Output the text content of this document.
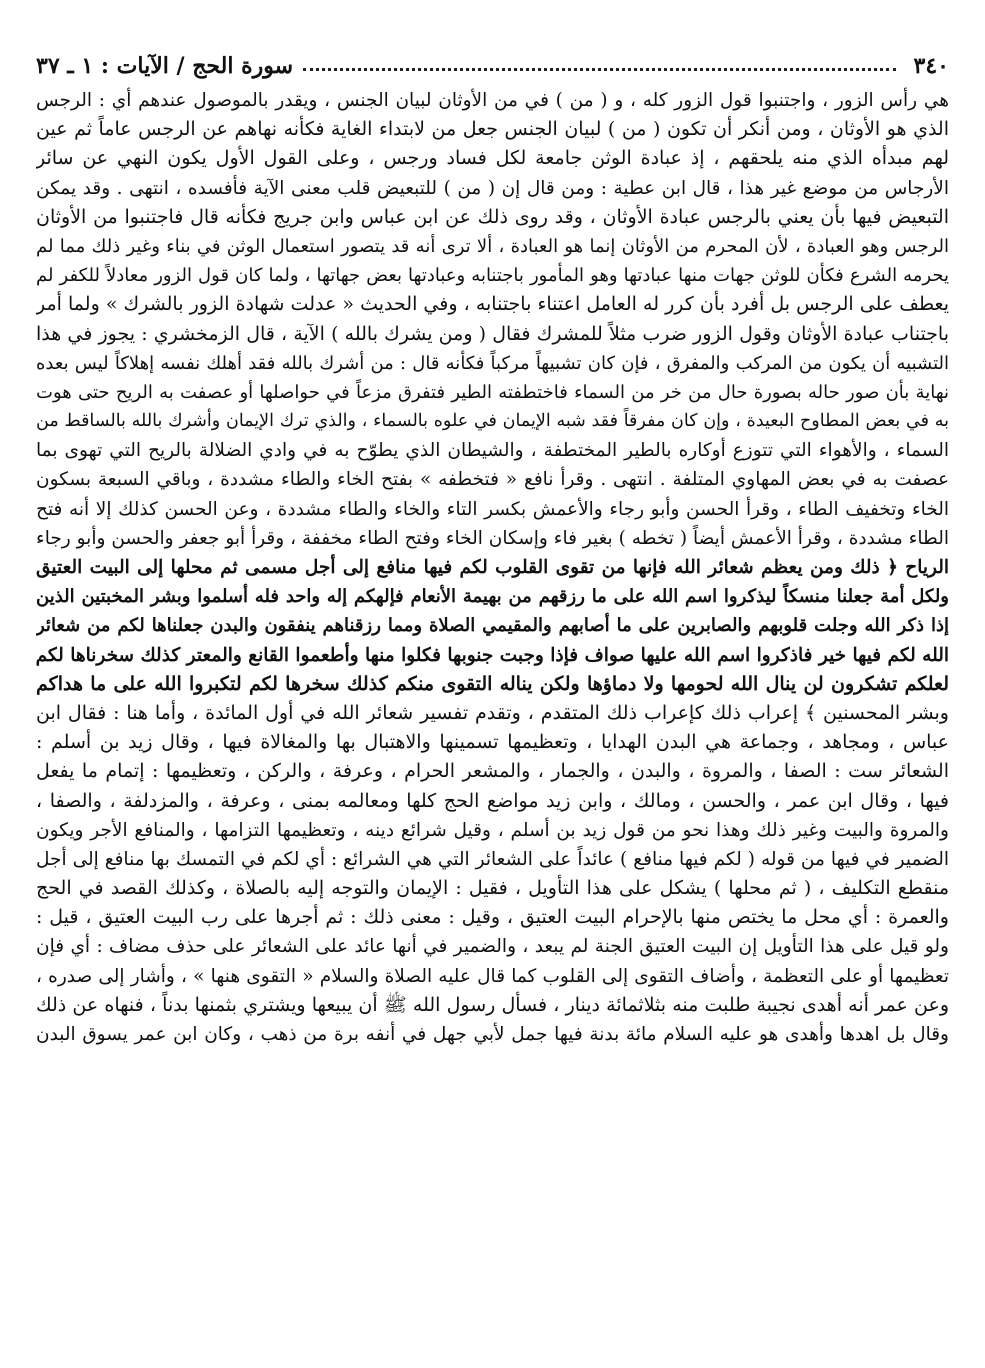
٣٤٠
سورة الحج / الآيات : ١ ـ ٣٧
هي رأس الزور ، واجتنبوا قول الزور كله ، و ( من ) في من الأوثان لبيان الجنس ، ويقدر بالموصول عندهم أي : الرجس
الذي هو الأوثان ، ومن أنكر أن تكون ( من ) لبيان الجنس جعل من لابتداء الغاية فكأنه نهاهم عن الرجس عاماً ثم عين
لهم مبدأه الذي منه يلحقهم ، إذ عبادة الوثن جامعة لكل فساد ورجس ، وعلى القول الأول يكون النهي عن سائر
الأرجاس من موضع غير هذا ، قال ابن عطية : ومن قال إن ( من ) للتبعيض قلب معنى الآية فأفسده ، انتهى . وقد يمكن
التبعيض فيها بأن يعني بالرجس عبادة الأوثان ، وقد روى ذلك عن ابن عباس وابن جريج فكأنه قال فاجتنبوا من الأوثان
الرجس وهو العبادة ، لأن المحرم من الأوثان إنما هو العبادة ، ألا ترى أنه قد يتصور استعمال الوثن في بناء وغير ذلك مما لم
يحرمه الشرع فكأن للوثن جهات منها عبادتها وهو المأمور باجتنابه وعبادتها بعض جهاتها ، ولما كان قول الزور معادلاً للكفر لم
يعطف على الرجس بل أفرد بأن كرر له العامل اعتناء باجتنابه ، وفي الحديث « عدلت شهادة الزور بالشرك » ولما أمر
باجتناب عبادة الأوثان وقول الزور ضرب مثلاً للمشرك فقال ( ومن يشرك بالله ) الآية ، قال الزمخشري : يجوز في هذا
التشبيه أن يكون من المركب والمفرق ، فإن كان تشبيهاً مركباً فكأنه قال : من أشرك بالله فقد أهلك نفسه إهلاكاً ليس بعده
نهاية بأن صور حاله بصورة حال من خر من السماء فاختطفته الطير فتفرق مزعاً في حواصلها أو عصفت به الريح حتى هوت
به في بعض المطاوح البعيدة ، وإن كان مفرقاً فقد شبه الإيمان في علوه بالسماء ، والذي ترك الإيمان وأشرك بالله بالساقط من
السماء ، والأهواء التي تتوزع أوكاره بالطير المختطفة ، والشيطان الذي يطوّح به في وادي الضلالة بالريح التي تهوى بما
عصفت به في بعض المهاوي المتلفة . انتهى . وقرأ نافع « فتخطفه » بفتح الخاء والطاء مشددة ، وباقي السبعة بسكون
الخاء وتخفيف الطاء ، وقرأ الحسن وأبو رجاء والأعمش بكسر التاء والخاء والطاء مشددة ، وعن الحسن كذلك إلا أنه فتح
الطاء مشددة ، وقرأ الأعمش أيضاً ( تخطه ) بغير فاء وإسكان الخاء وفتح الطاء مخففة ، وقرأ أبو جعفر والحسن وأبو رجاء
الرياح ﴿ ذلك ومن يعظم شعائر الله فإنها من تقوى القلوب لكم فيها منافع إلى أجل مسمى ثم محلها إلى البيت العتيق
ولكل أمة جعلنا منسكاً ليذكروا اسم الله على ما رزقهم من بهيمة الأنعام فإلهكم إله واحد فله أسلموا وبشر المخبتين الذين
إذا ذكر الله وجلت قلوبهم والصابرين على ما أصابهم والمقيمي الصلاة ومما رزقناهم ينفقون والبدن جعلناها لكم من شعائر
الله لكم فيها خير فاذكروا اسم الله عليها صواف فإذا وجبت جنوبها فكلوا منها وأطعموا القانع والمعتر كذلك سخرناها لكم
لعلكم تشكرون لن ينال الله لحومها ولا دماؤها ولكن يناله التقوى منكم كذلك سخرها لكم لتكبروا الله على ما هداكم
وبشر المحسنين ﴾ إعراب ذلك كإعراب ذلك المتقدم ، وتقدم تفسير شعائر الله في أول المائدة ، وأما هنا : فقال ابن
عباس ، ومجاهد ، وجماعة هي البدن الهدايا ، وتعظيمها تسمينها والاهتبال بها والمغالاة فيها ، وقال زيد بن أسلم :
الشعائر ست : الصفا ، والمروة ، والبدن ، والجمار ، والمشعر الحرام ، وعرفة ، والركن ، وتعظيمها : إتمام ما يفعل
فيها ، وقال ابن عمر ، والحسن ، ومالك ، وابن زيد مواضع الحج كلها ومعالمه بمنى ، وعرفة ، والمزدلفة ، والصفا ،
والمروة والبيت وغير ذلك وهذا نحو من قول زيد بن أسلم ، وقيل شرائع دينه ، وتعظيمها التزامها ، والمنافع الأجر ويكون
الضمير في فيها من قوله ( لكم فيها منافع ) عائداً على الشعائر التي هي الشرائع : أي لكم في التمسك بها منافع إلى أجل
منقطع التكليف ، ( ثم محلها ) يشكل على هذا التأويل ، فقيل : الإيمان والتوجه إليه بالصلاة ، وكذلك القصد في الحج
والعمرة : أي محل ما يختص منها بالإحرام البيت العتيق ، وقيل : معنى ذلك : ثم أجرها على رب البيت العتيق ، قيل :
ولو قيل على هذا التأويل إن البيت العتيق الجنة لم يبعد ، والضمير في أنها عائد على الشعائر على حذف مضاف : أي فإن
تعظيمها أو على التعظمة ، وأضاف التقوى إلى القلوب كما قال عليه الصلاة والسلام « التقوى هنها » ، وأشار إلى صدره ،
وعن عمر أنه أهدى نجيبة طلبت منه بثلاثمائة دينار ، فسأل رسول الله ﷺ أن يبيعها ويشتري بثمنها بدناً ، فنهاه عن ذلك
وقال بل اهدها وأهدى هو عليه السلام مائة بدنة فيها جمل لأبي جهل في أنفه برة من ذهب ، وكان ابن عمر يسوق البدن
